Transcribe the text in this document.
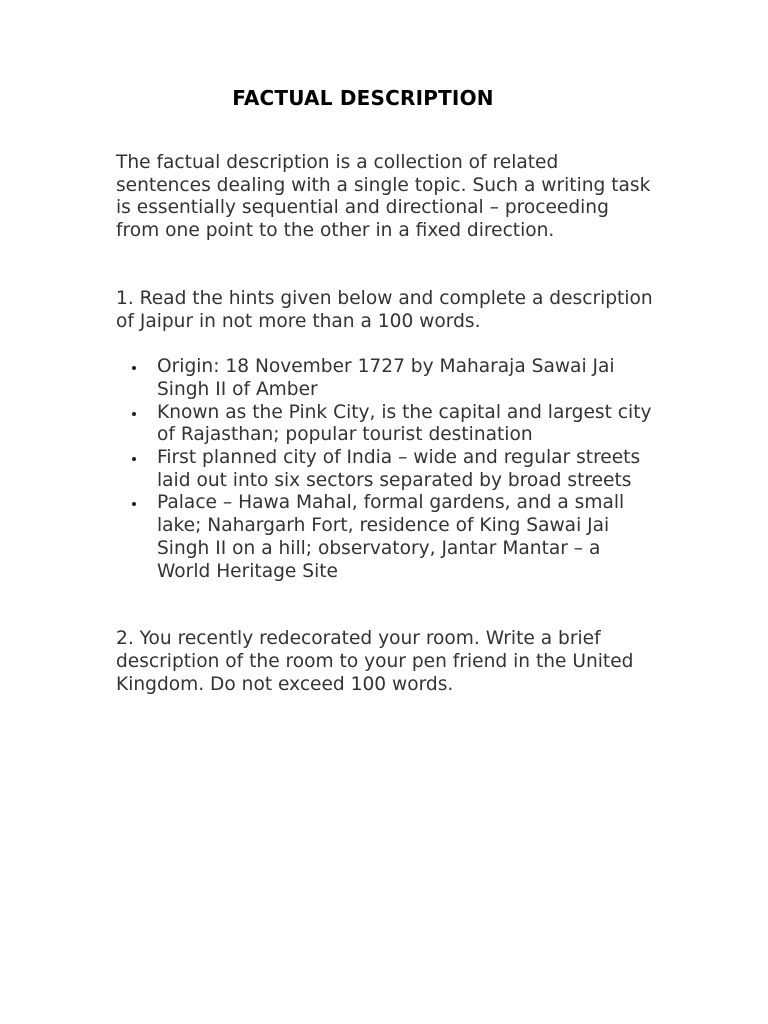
FACTUAL DESCRIPTION

The factual description is a collection of related sentences dealing with a single topic. Such a writing task is essentially sequential and directional – proceeding from one point to the other in a fixed direction.

1. Read the hints given below and complete a description of Jaipur in not more than a 100 words.

Origin: 18 November 1727 by Maharaja Sawai Jai Singh II of Amber
Known as the Pink City, is the capital and largest city of Rajasthan; popular tourist destination
First planned city of India – wide and regular streets laid out into six sectors separated by broad streets
Palace – Hawa Mahal, formal gardens, and a small lake; Nahargarh Fort, residence of King Sawai Jai Singh II on a hill; observatory, Jantar Mantar – a World Heritage Site

2. You recently redecorated your room. Write a brief description of the room to your pen friend in the United Kingdom. Do not exceed 100 words.
